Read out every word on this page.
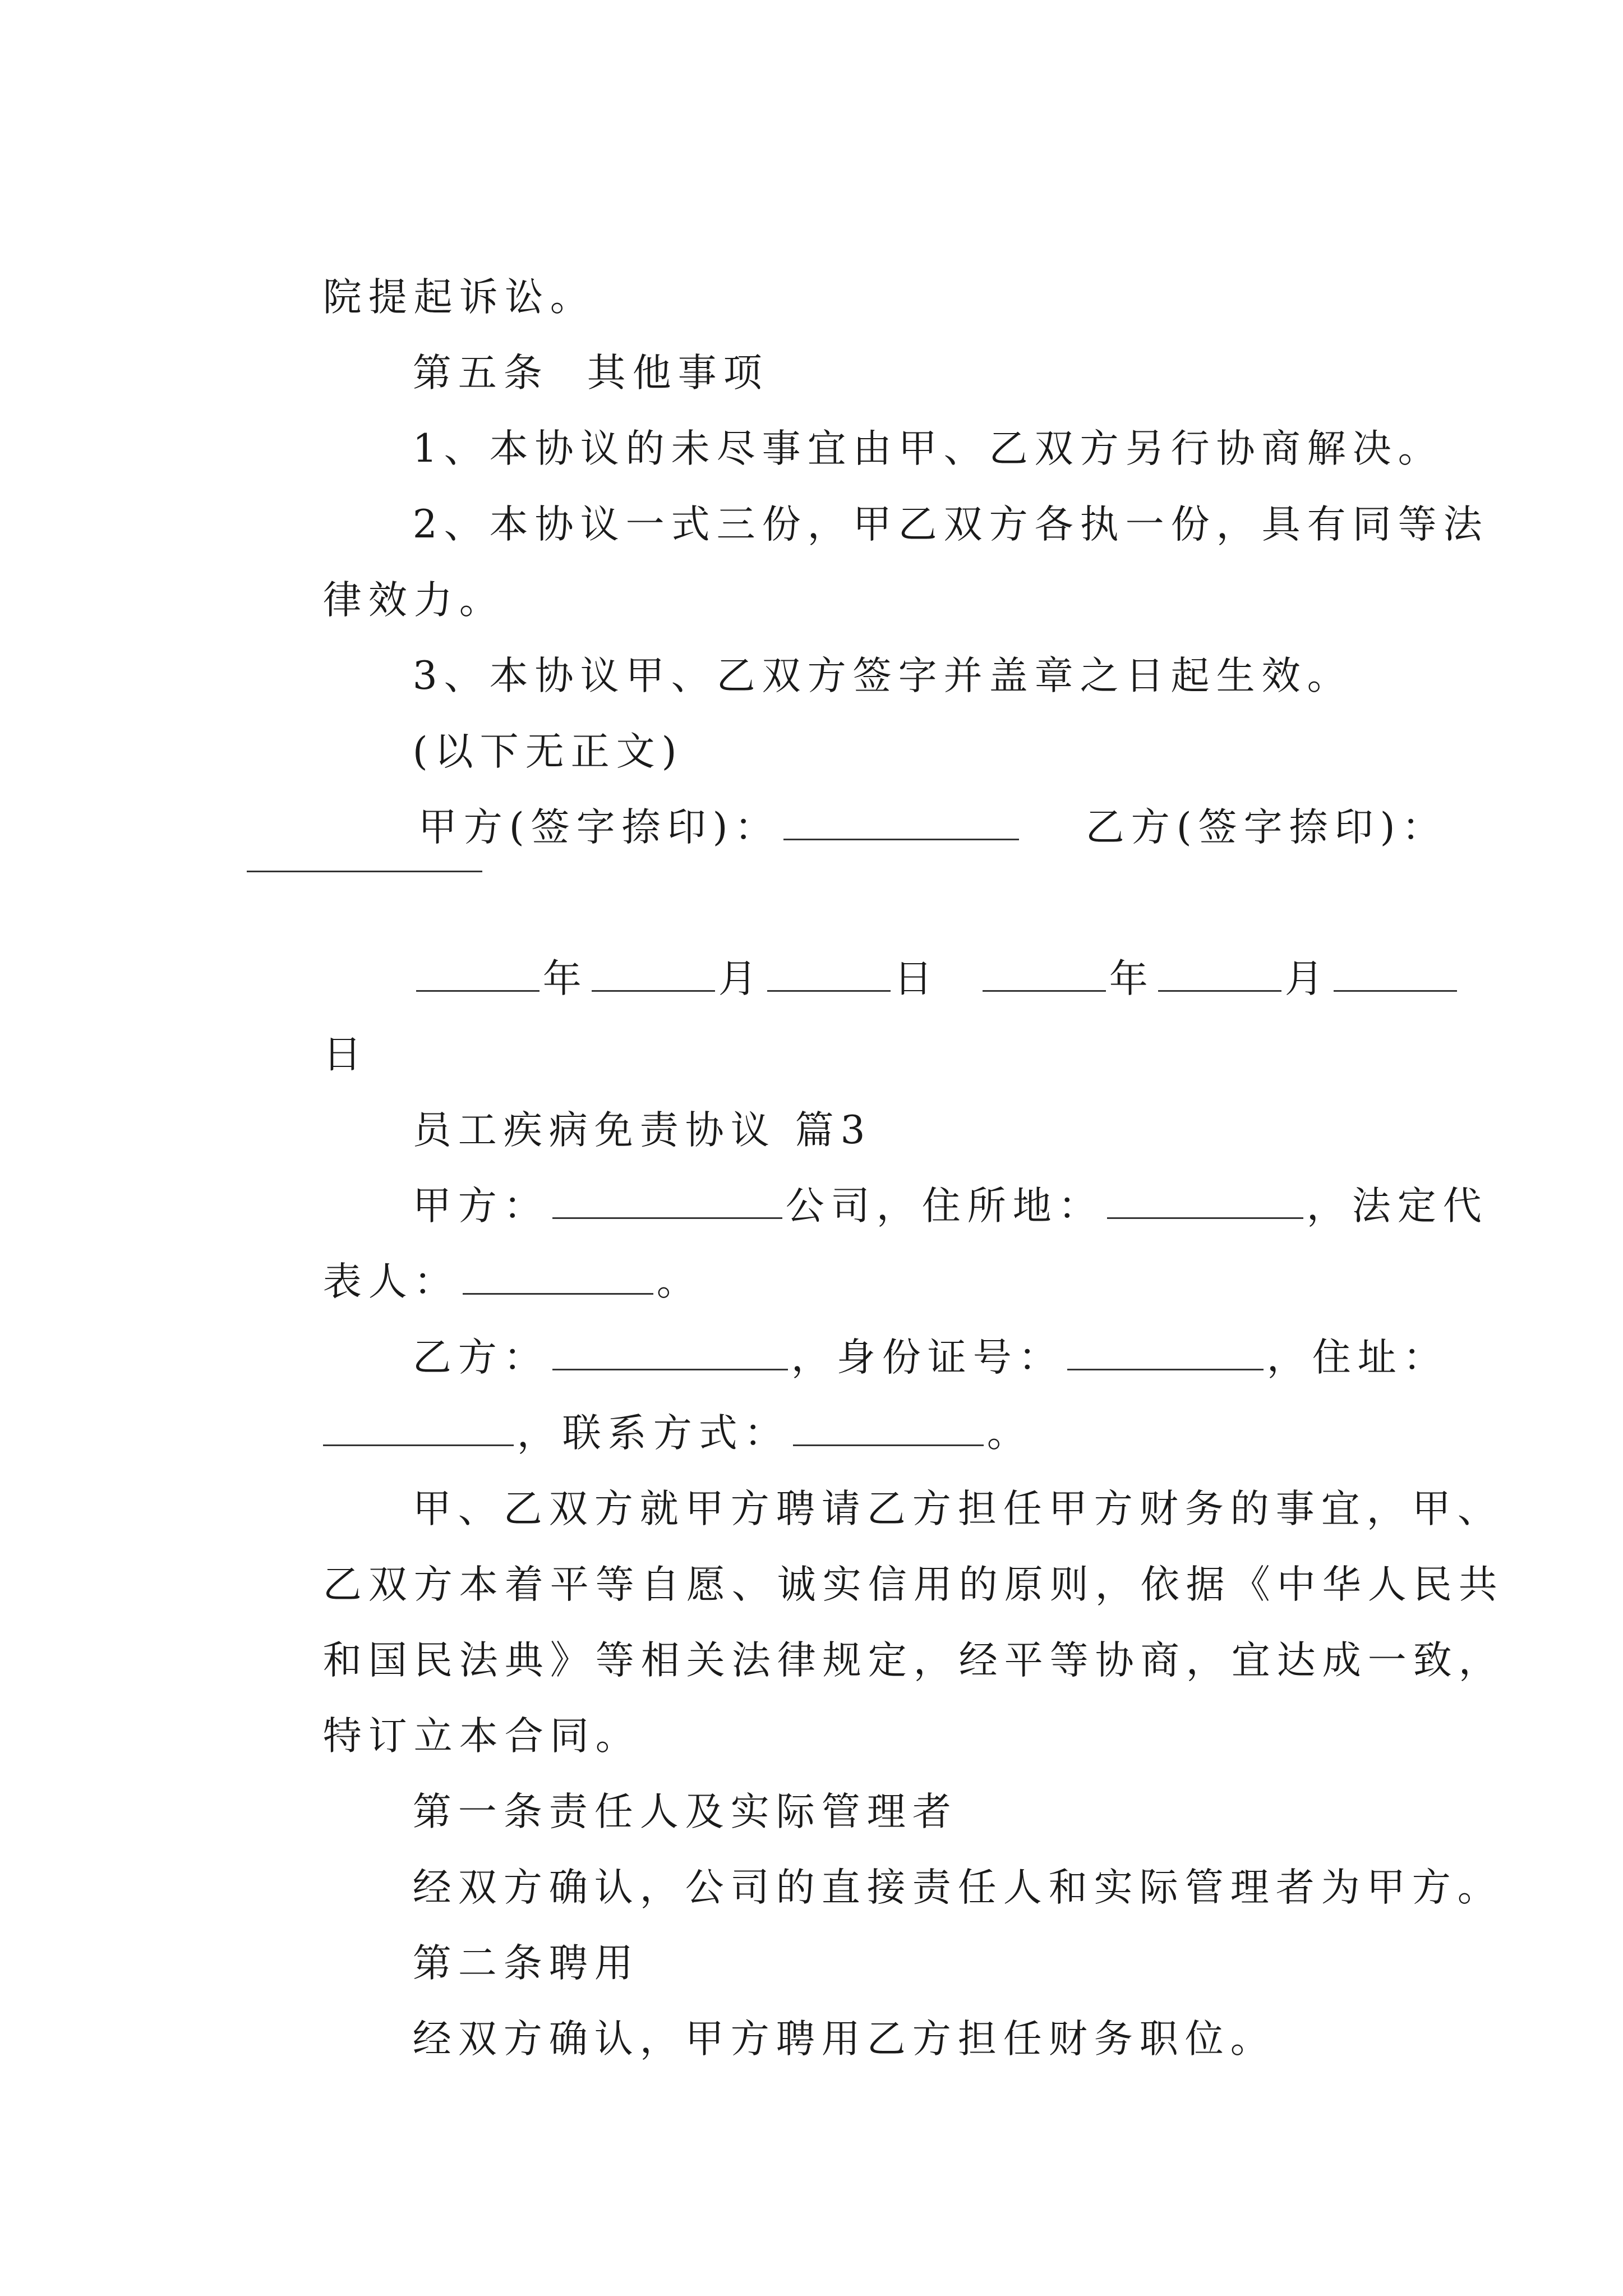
院提起诉讼。

第五条  其他事项

1、本协议的未尽事宜由甲、乙双方另行协商解决。

2、本协议一式三份，甲乙双方各执一份，具有同等法

律效力。

3、本协议甲、乙双方签字并盖章之日起生效。

(以下无正文)

甲方(签字捺印)：
	乙方(签字捺印)：

年	月	日
	年	月

日

员工疾病免责协议 篇3

甲方：	公司，住所地：	，法定代

表人：	。

乙方：	，身份证号：	，住址：

，联系方式：	。

甲、乙双方就甲方聘请乙方担任甲方财务的事宜，甲、

乙双方本着平等自愿、诚实信用的原则，依据《中华人民共

和国民法典》等相关法律规定，经平等协商，宜达成一致，

特订立本合同。

第一条责任人及实际管理者

经双方确认，公司的直接责任人和实际管理者为甲方。

第二条聘用

经双方确认，甲方聘用乙方担任财务职位。
